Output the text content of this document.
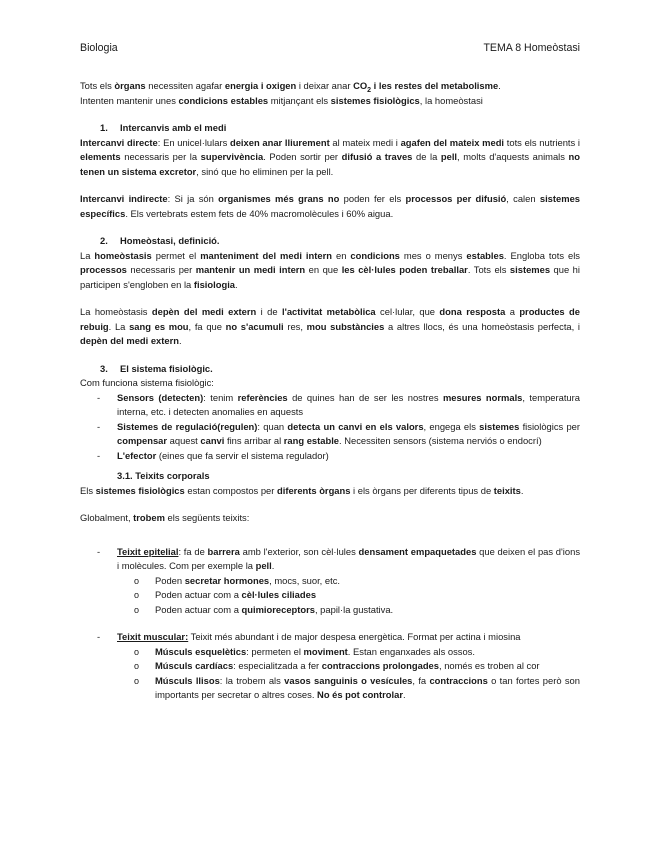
Biologia	TEMA 8 Homeòstasi

Tots els òrgans necessiten agafar energia i oxigen i deixar anar $CO_2$ i les restes del metabolisme.

Intenten mantenir unes condicions estables mitjançant els sistemes fisiològics, la homeòstasi

1. Intercanvis amb el medi

Intercanvi directe: En unicel·lulars deixen anar lliurement al mateix medi i agafen del mateix medi tots els nutrients i elements necessaris per la supervivència. Poden sortir per difusió a traves de la pell, molts d'aquests animals no tenen un sistema excretor, sinó que ho eliminen per la pell.

Intercanvi indirecte: Si ja són organismes més grans no poden fer els processos per difusió, calen sistemes específics. Els vertebrats estem fets de 40% macromolècules i 60% aigua.

2. Homeòstasi, definició.

La homeòstasis permet el manteniment del medi intern en condicions mes o menys estables. Engloba tots els processos necessaris per mantenir un medi intern en que les cèl·lules poden treballar. Tots els sistemes que hi participen s'engloben en la fisiologia.

La homeòstasis depèn del medi extern i de l'activitat metabòlica cel·lular, que dona resposta a productes de rebuig. La sang es mou, fa que no s'acumuli res, mou substàncies a altres llocs, és una homeòstasis perfecta, i depèn del medi extern.

3. El sistema fisiològic.

Com funciona sistema fisiològic:

- Sensors (detecten): tenim referències de quines han de ser les nostres mesures normals, temperatura interna, etc. i detecten anomalies en aquests
- Sistemes de regulació(regulen): quan detecta un canvi en els valors, engega els sistemes fisiològics per compensar aquest canvi fins arribar al rang estable. Necessiten sensors (sistema nerviós o endocrí)
- L'efector (eines que fa servir el sistema regulador)
3.1. Teixits corporals

Els sistemes fisiològics estan compostos per diferents òrgans i els òrgans per diferents tipus de teixits.

Globalment, trobem els següents teixits:

- Teixit epitelial: fa de barrera amb l'exterior, son cèl·lules densament empaquetades que deixen el pas d'ions i molècules. Com per exemple la pell.
o Poden secretar hormones, mocs, suor, etc.
o Poden actuar com a cèl·lules ciliades
o Poden actuar com a quimioreceptors, papil·la gustativa.
- Teixit muscular: Teixit més abundant i de major despesa energètica. Format per actina i miosina
o Músculs esquelètics: permeten el moviment. Estan enganxades als ossos.
o Músculs cardíacs: especialitzada a fer contraccions prolongades, només es troben al cor
o Músculs llisos: la trobem als vasos sanguinis o vesícules, fa contraccions o tan fortes però son importants per secretar o altres coses. No és pot controlar.
